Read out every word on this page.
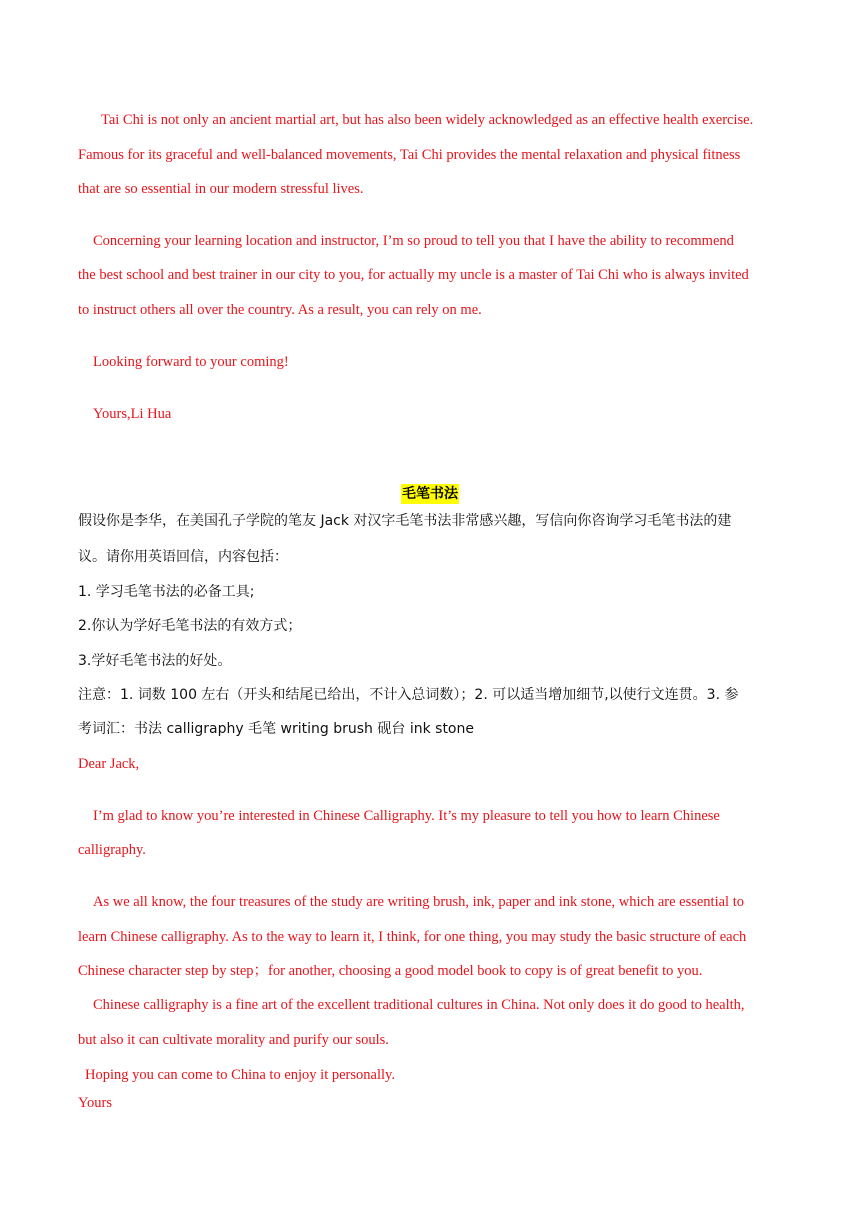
Tai Chi is not only an ancient martial art, but has also been widely acknowledged as an effective health exercise.
Famous for its graceful and well-balanced movements, Tai Chi provides the mental relaxation and physical fitness
that are so essential in our modern stressful lives.
Concerning your learning location and instructor, I’m so proud to tell you that I have the ability to recommend
the best school and best trainer in our city to you, for actually my uncle is a master of Tai Chi who is always invited
to instruct others all over the country. As a result, you can rely on me.
Looking forward to your coming!
Yours,Li Hua
毛笔书法
假设你是李华，在美国孔子学院的笔友 Jack 对汉字毛笔书法非常感兴趣，写信向你咨询学习毛笔书法的建
议。请你用英语回信，内容包括：
1. 学习毛笔书法的必备工具;
2.你认为学好毛笔书法的有效方式；
3.学好毛笔书法的好处。
注意：1. 词数 100 左右（开头和结尾已给出，不计入总词数）；2. 可以适当增加细节,以使行文连贯。3. 参
考词汇：书法 calligraphy 毛笔 writing brush 砚台 ink stone
Dear Jack,
I’m glad to know you’re interested in Chinese Calligraphy. It’s my pleasure to tell you how to learn Chinese
calligraphy.
As we all know, the four treasures of the study are writing brush, ink, paper and ink stone, which are essential to
learn Chinese calligraphy. As to the way to learn it, I think, for one thing, you may study the basic structure of each
Chinese character step by step；for another, choosing a good model book to copy is of great benefit to you.
Chinese calligraphy is a fine art of the excellent traditional cultures in China. Not only does it do good to health,
but also it can cultivate morality and purify our souls.
Hoping you can come to China to enjoy it personally.
Yours
